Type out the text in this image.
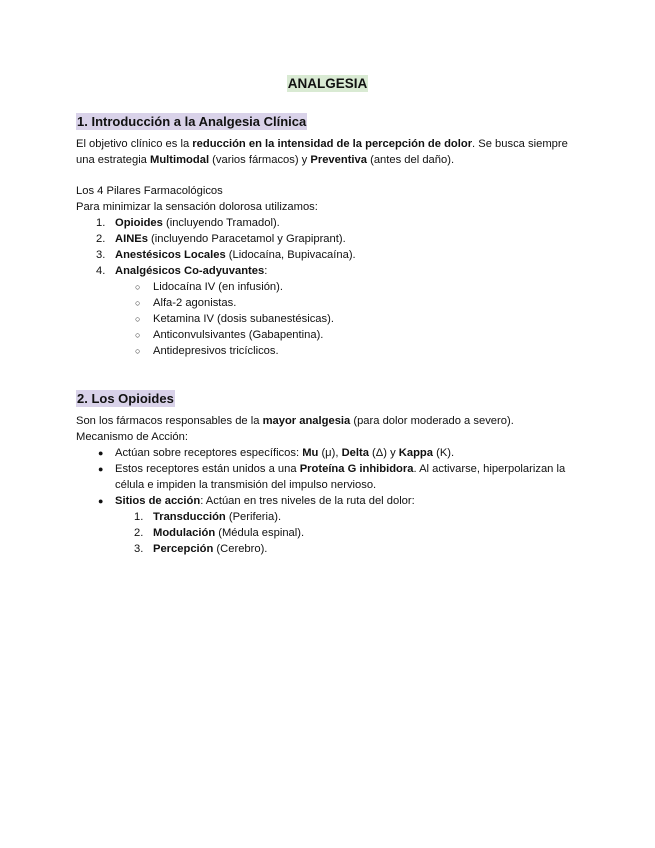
ANALGESIA
1. Introducción a la Analgesia Clínica

El objetivo clínico es la reducción en la intensidad de la percepción de dolor. Se busca siempre una estrategia Multimodal (varios fármacos) y Preventiva (antes del daño).

Los 4 Pilares Farmacológicos

Para minimizar la sensación dolorosa utilizamos:

1. Opioides (incluyendo Tramadol).
2. AINEs (incluyendo Paracetamol y Grapiprant).
3. Anestésicos Locales (Lidocaína, Bupivacaína).
4. Analgésicos Co-adyuvantes:
○ Lidocaína IV (en infusión).
○ Alfa-2 agonistas.
○ Ketamina IV (dosis subanestésicas).
○ Anticonvulsivantes (Gabapentina).
○ Antidepresivos tricíclicos.
2. Los Opioides

Son los fármacos responsables de la mayor analgesia (para dolor moderado a severo).

Mecanismo de Acción:

● Actúan sobre receptores específicos: Mu (μ), Delta (Δ) y Kappa (Κ).
● Estos receptores están unidos a una Proteína G inhibidora. Al activarse, hiperpolarizan la célula e impiden la transmisión del impulso nervioso.
● Sitios de acción: Actúan en tres niveles de la ruta del dolor:
1. Transducción (Periferia).
2. Modulación (Médula espinal).
3. Percepción (Cerebro).
